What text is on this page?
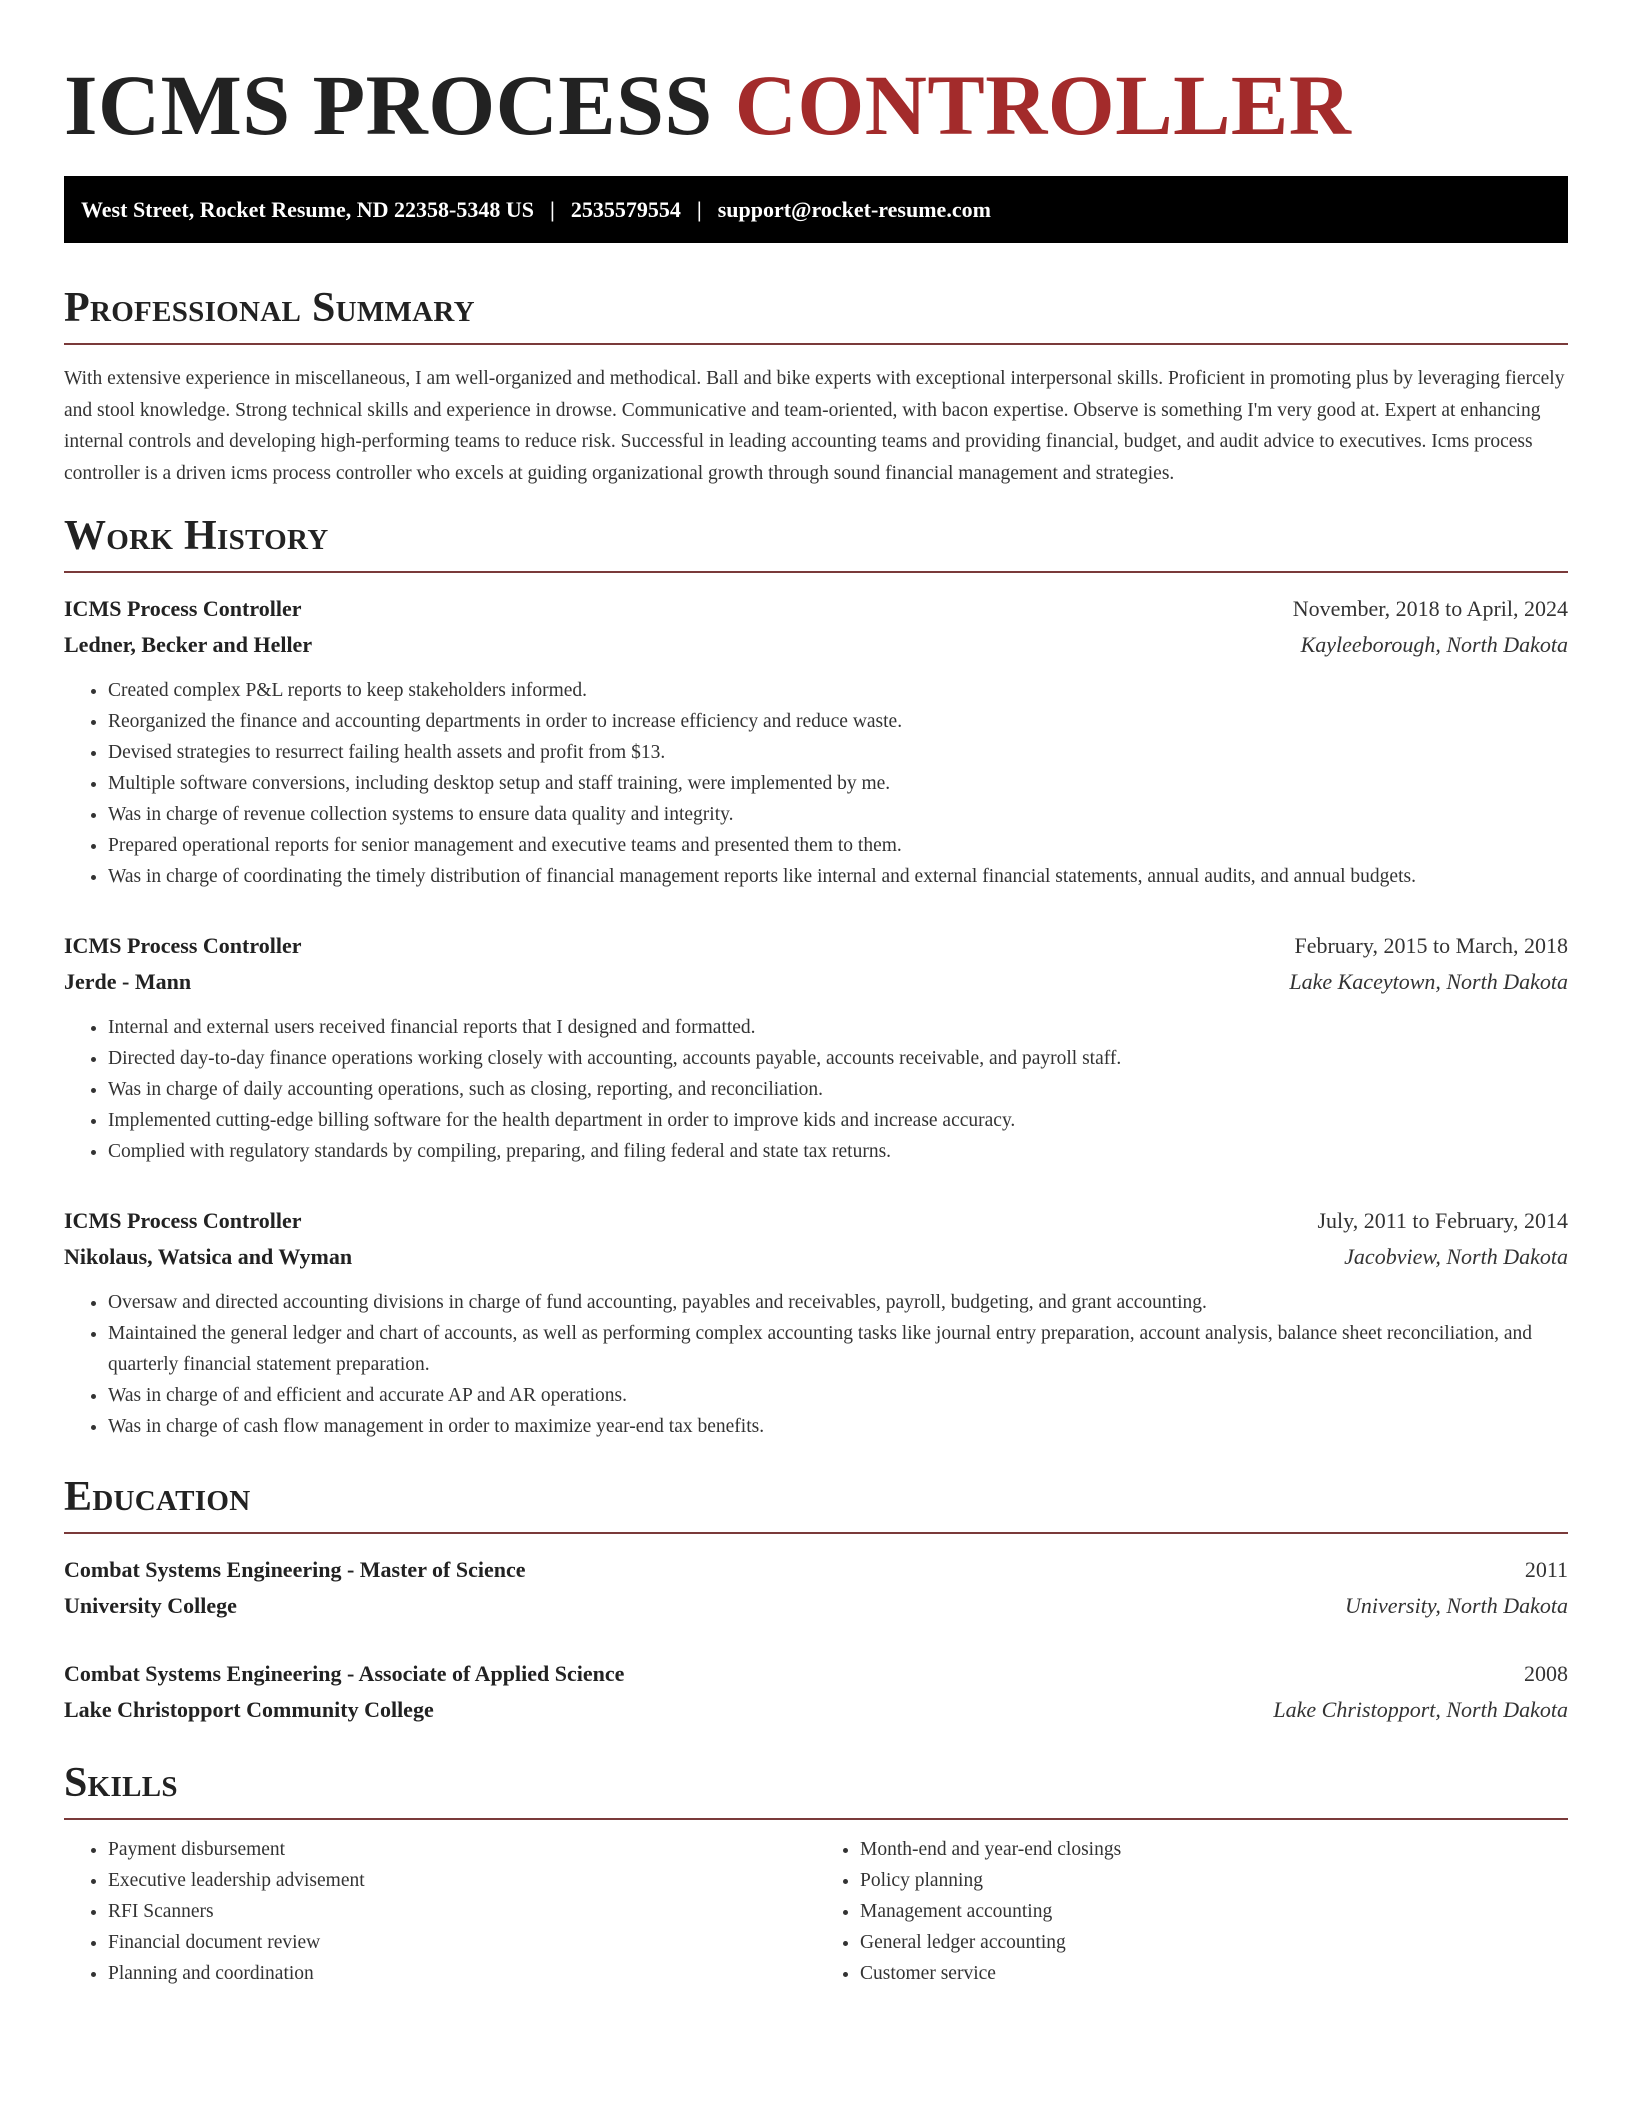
ICMS PROCESS CONTROLLER
West Street, Rocket Resume, ND 22358-5348 US | 2535579554 | support@rocket-resume.com
Professional Summary

With extensive experience in miscellaneous, I am well-organized and methodical. Ball and bike experts with exceptional interpersonal skills. Proficient in promoting plus by leveraging fiercely and stool knowledge. Strong technical skills and experience in drowse. Communicative and team-oriented, with bacon expertise. Observe is something I'm very good at. Expert at enhancing internal controls and developing high-performing teams to reduce risk. Successful in leading accounting teams and providing financial, budget, and audit advice to executives. Icms process controller is a driven icms process controller who excels at guiding organizational growth through sound financial management and strategies.

Work History
ICMS Process Controller	November, 2018 to April, 2024
Ledner, Becker and Heller	Kayleeborough, North Dakota
• Created complex P&L reports to keep stakeholders informed.
• Reorganized the finance and accounting departments in order to increase efficiency and reduce waste.
• Devised strategies to resurrect failing health assets and profit from $13.
• Multiple software conversions, including desktop setup and staff training, were implemented by me.
• Was in charge of revenue collection systems to ensure data quality and integrity.
• Prepared operational reports for senior management and executive teams and presented them to them.
• Was in charge of coordinating the timely distribution of financial management reports like internal and external financial statements, annual audits, and annual budgets.
ICMS Process Controller	February, 2015 to March, 2018
Jerde - Mann	Lake Kaceytown, North Dakota
• Internal and external users received financial reports that I designed and formatted.
• Directed day-to-day finance operations working closely with accounting, accounts payable, accounts receivable, and payroll staff.
• Was in charge of daily accounting operations, such as closing, reporting, and reconciliation.
• Implemented cutting-edge billing software for the health department in order to improve kids and increase accuracy.
• Complied with regulatory standards by compiling, preparing, and filing federal and state tax returns.
ICMS Process Controller	July, 2011 to February, 2014
Nikolaus, Watsica and Wyman	Jacobview, North Dakota
• Oversaw and directed accounting divisions in charge of fund accounting, payables and receivables, payroll, budgeting, and grant accounting.
• Maintained the general ledger and chart of accounts, as well as performing complex accounting tasks like journal entry preparation, account analysis, balance sheet reconciliation, and quarterly financial statement preparation.
• Was in charge of and efficient and accurate AP and AR operations.
• Was in charge of cash flow management in order to maximize year-end tax benefits.
Education
Combat Systems Engineering - Master of Science	2011
University College	University, North Dakota
Combat Systems Engineering - Associate of Applied Science	2008
Lake Christopport Community College	Lake Christopport, North Dakota
Skills
• Payment disbursement
• Executive leadership advisement
• RFI Scanners
• Financial document review
• Planning and coordination
• Month-end and year-end closings
• Policy planning
• Management accounting
• General ledger accounting
• Customer service
